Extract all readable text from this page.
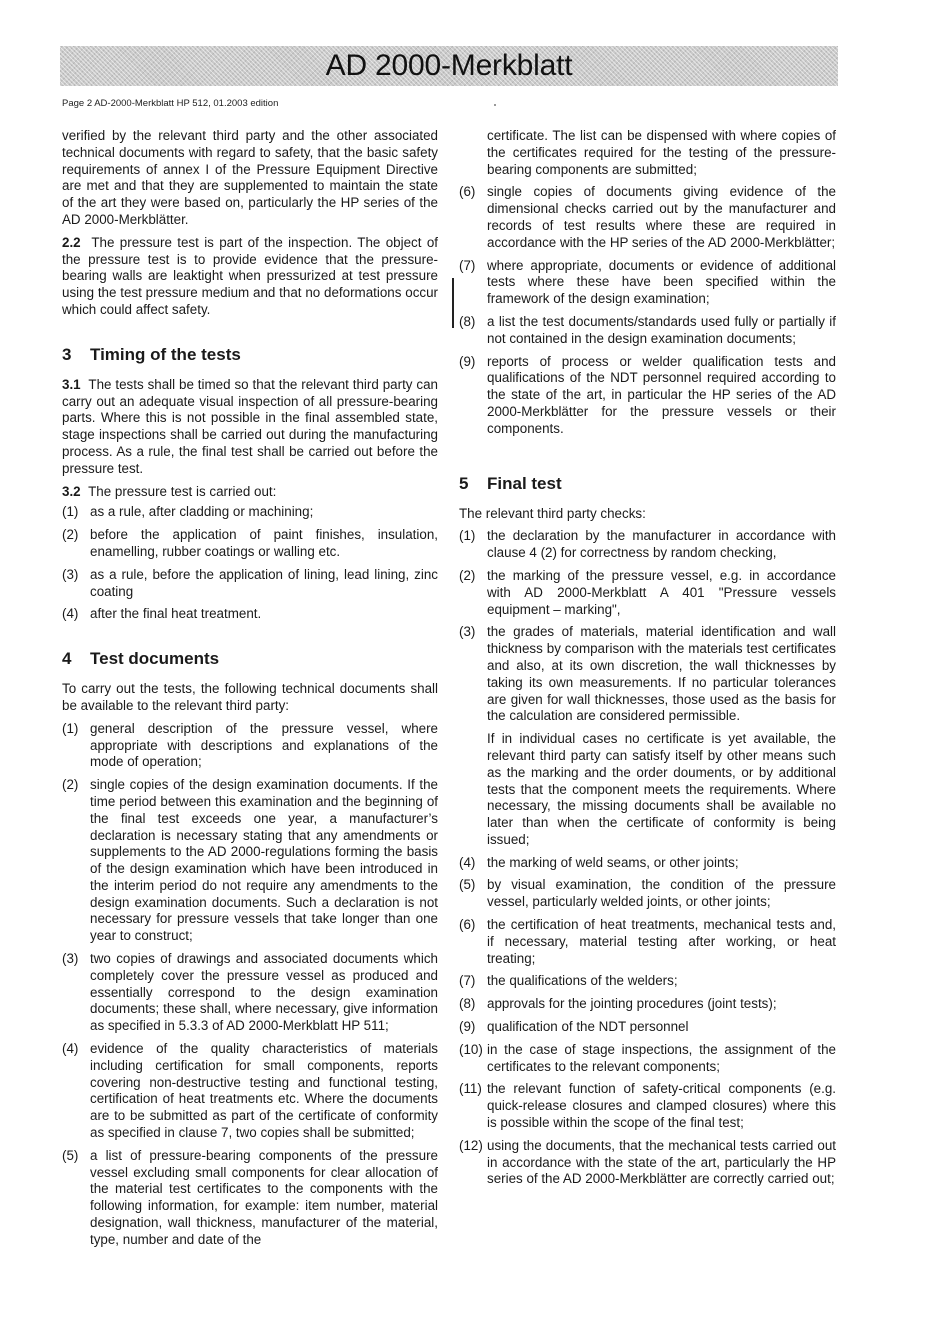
AD 2000-Merkblatt
Page 2 AD-2000-Merkblatt HP 512, 01.2003 edition

verified by the relevant third party and the other associated technical documents with regard to safety, that the basic safety requirements of annex I of the Pressure Equipment Directive are met and that they are supplemented to maintain the state of the art they were based on, particularly the HP series of the AD 2000-Merkblätter.

2.2 The pressure test is part of the inspection. The object of the pressure test is to provide evidence that the pressure-bearing walls are leaktight when pressurized at test pressure using the test pressure medium and that no deformations occur which could affect safety.

3 Timing of the tests

3.1 The tests shall be timed so that the relevant third party can carry out an adequate visual inspection of all pressure-bearing parts. Where this is not possible in the final assembled state, stage inspections shall be carried out during the manufacturing process. As a rule, the final test shall be carried out before the pressure test.

3.2 The pressure test is carried out:

(1) as a rule, after cladding or machining;
(2) before the application of paint finishes, insulation, enamelling, rubber coatings or walling etc.
(3) as a rule, before the application of lining, lead lining, zinc coating
(4) after the final heat treatment.
4 Test documents

To carry out the tests, the following technical documents shall be available to the relevant third party:

(1) general description of the pressure vessel, where appropriate with descriptions and explanations of the mode of operation;
(2) single copies of the design examination documents. If the time period between this examination and the beginning of the final test exceeds one year, a manufacturer’s declaration is necessary stating that any amendments or supplements to the AD 2000-regulations forming the basis of the design examination which have been introduced in the interim period do not require any amendments to the design examination documents. Such a declaration is not necessary for pressure vessels that take longer than one year to construct;
(3) two copies of drawings and associated documents which completely cover the pressure vessel as produced and essentially correspond to the design examination documents; these shall, where necessary, give information as specified in 5.3.3 of AD 2000-Merkblatt HP 511;
(4) evidence of the quality characteristics of materials including certification for small components, reports covering non-destructive testing and functional testing, certification of heat treatments etc. Where the documents are to be submitted as part of the certificate of conformity as specified in clause 7, two copies shall be submitted;
(5) a list of pressure-bearing components of the pressure vessel excluding small components for clear allocation of the material test certificates to the components with the following information, for example: item number, material designation, wall thickness, manufacturer of the material, type, number and date of the

certificate. The list can be dispensed with where copies of the certificates required for the testing of the pressure-bearing components are submitted;

(6) single copies of documents giving evidence of the dimensional checks carried out by the manufacturer and records of test results where these are required in accordance with the HP series of the AD 2000-Merkblätter;
(7) where appropriate, documents or evidence of additional tests where these have been specified within the framework of the design examination;
(8) a list the test documents/standards used fully or partially if not contained in the design examination documents;
(9) reports of process or welder qualification tests and qualifications of the NDT personnel required according to the state of the art, in particular the HP series of the AD 2000-Merkblätter for the pressure vessels or their components.
5 Final test

The relevant third party checks:

(1) the declaration by the manufacturer in accordance with clause 4 (2) for correctness by random checking,
(2) the marking of the pressure vessel, e.g. in accordance with AD 2000-Merkblatt A 401 "Pressure vessels equipment – marking",
(3) the grades of materials, material identification and wall thickness by comparison with the materials test certificates and also, at its own discretion, the wall thicknesses by taking its own measurements. If no particular tolerances are given for wall thicknesses, those used as the basis for the calculation are considered permissible.
If in individual cases no certificate is yet available, the relevant third party can satisfy itself by other means such as the marking and the order douments, or by additional tests that the component meets the requirements. Where necessary, the missing documents shall be available no later than when the certificate of conformity is being issued;
(4) the marking of weld seams, or other joints;
(5) by visual examination, the condition of the pressure vessel, particularly welded joints, or other joints;
(6) the certification of heat treatments, mechanical tests and, if necessary, material testing after working, or heat treating;
(7) the qualifications of the welders;
(8) approvals for the jointing procedures (joint tests);
(9) qualification of the NDT personnel
(10) in the case of stage inspections, the assignment of the certificates to the relevant components;
(11) the relevant function of safety-critical components (e.g. quick-release closures and clamped closures) where this is possible within the scope of the final test;
(12) using the documents, that the mechanical tests carried out in accordance with the state of the art, particularly the HP series of the AD 2000-Merkblätter are correctly carried out;
